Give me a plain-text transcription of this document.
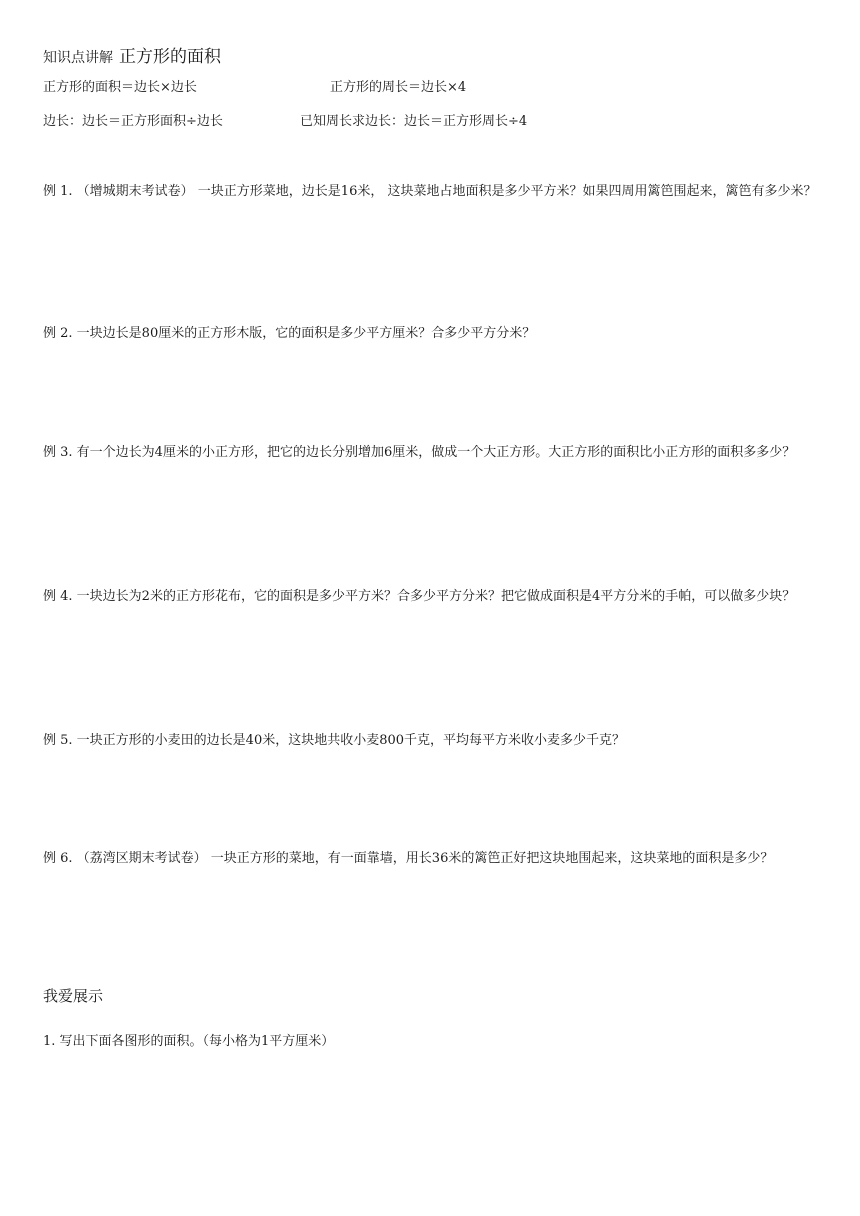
知识点讲解 正方形的面积
正方形的面积＝边长×边长	正方形的周长＝边长×4
边长：边长＝正方形面积÷边长	已知周长求边长：边长＝正方形周长÷4
例 1. （增城期末考试卷） 一块正方形菜地，边长是16米， 这块菜地占地面积是多少平方米？如果四周用篱笆围起来，篱笆有多少米？
例 2. 一块边长是80厘米的正方形木版，它的面积是多少平方厘米？合多少平方分米？
例 3. 有一个边长为4厘米的小正方形，把它的边长分别增加6厘米，做成一个大正方形。大正方形的面积比小正方形的面积多多少？
例 4. 一块边长为2米的正方形花布，它的面积是多少平方米？合多少平方分米？把它做成面积是4平方分米的手帕，可以做多少块？
例 5. 一块正方形的小麦田的边长是40米，这块地共收小麦800千克，平均每平方米收小麦多少千克？
例 6. （荔湾区期末考试卷） 一块正方形的菜地，有一面靠墙，用长36米的篱笆正好把这块地围起来，这块菜地的面积是多少？
我爱展示
1. 写出下面各图形的面积。（每小格为1平方厘米）
